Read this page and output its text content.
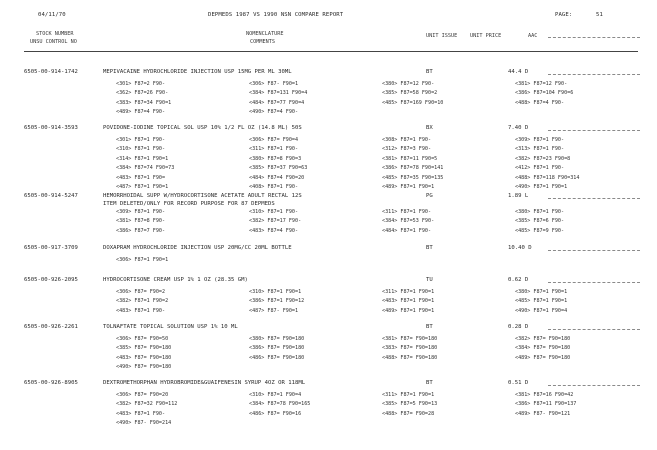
04/11/70	DEPMEDS 1987 VS 1990 NSN COMPARE REPORT	PAGE:	51
STOCK NUMBER
UNSU CONTROL NO
NOMENCLATURE
COMMENTS
UNIT ISSUE UNIT PRICE	AAC
6505-00-914-1742	MEPIVACAINE HYDROCHLORIDE INJECTION USP 15MG PER ML 30ML	BT	44.4 D
<301> F87=2 F90-	<306> F87- F90=1	<380> F87=12 F90-	<381> F87=12 F90-
<362> F87=26 F90-	<384> F87=131 F90=4	<385> F87=58 F90=2	<386> F87=104 F90=6
<383> F87=34 F90=1	<484> F87=77 F90=4	<485> F87=169 F90=10	<488> F87=4 F90-
<489> F87=4 F90-	<490> F87=4 F90-
6505-00-914-3593	POVIDONE-IODINE TOPICAL SOL USP 10% 1/2 FL OZ (14.8 ML) 50S	BX	7.40 D
<301> F87=1 F90-	<306> F87= F90=4	<308> F87=1 F90-	<309> F87=1 F90-
<310> F87=1 F90-	<311> F87=1 F90-	<312> F87=3 F90-	<313> F87=1 F90-
<314> F87=1 F90=1	<380> F87=8 F90=3	<381> F87=11 F90=5	<382> F87=23 F90=8
<384> F87=74 F90=73	<385> F87=37 F90=63	<386> F87=78 F90=141	<412> F87=1 F90-
<483> F87=1 F90=	<484> F87=4 F90=20	<485> F87=35 F90=135	<488> F87=118 F90=314
<487> F87=1 F90=1	<408> F87=1 F90-	<489> F87=1 F90=1	<490> F87=1 F90=1
6505-00-914-5247	HEMORRHOIDAL SUPP W/HYDROCORTISONE ACETATE ADULT RECTAL 12S
ITEM DELETED/ONLY FOR RECORD PURPOSE FOR 87 DEPMEDS
PG	1.89 L
<309> F87=1 F90-	<310> F87=1 F90-	<311> F87=1 F90-	<380> F87=1 F90-
<381> F87=8 F90-	<382> F87=17 F90-	<384> F87=53 F90-	<385> F87=6 F90-
<386> F87=7 F90-	<483> F87=4 F90-	<484> F87=1 F90-	<485> F87=9 F90-
6505-00-917-3709	DOXAPRAM HYDROCHLORIDE INJECTION USP 20MG/CC 20ML BOTTLE	BT	10.40 D
<306> F87=1 F90=1
6505-00-926-2095	HYDROCORTISONE CREAM USP 1% 1 OZ (28.35 GM)	TU	0.62 D
<306> F87= F90=2	<310> F87=1 F90=1	<311> F87=1 F90=1	<380> F87=1 F90=1
<382> F87=1 F90=2	<386> F87=1 F90=12	<483> F87=1 F90=1	<485> F87=1 F90=1
<483> F87=1 F90-	<487> F87- F90=1	<489> F87=1 F90=1	<490> F87=1 F90=4
6505-00-926-2261	TOLNAFTATE TOPICAL SOLUTION USP 1% 10 ML	BT	0.28 D
<306> F87= F90=50	<380> F87= F90=180	<381> F87= F90=180	<382> F87= F90=180
<385> F87= F90=180	<386> F87= F90=180	<383> F87= F90=180	<384> F87= F90=180
<483> F87= F90=180	<486> F87= F90=180	<488> F87= F90=180	<489> F87= F90=180
<490> F87= F90=180
6505-00-926-8905	DEXTROMETHORPHAN HYDROBROMIDE&GUAIFENESIN SYRUP 4OZ OR 118ML	BT	0.51 D
<306> F87= F90=20	<310> F87=1 F90=4	<311> F87=1 F90=1	<381> F87=16 F90=42
<382> F87=32 F90=112	<384> F87=78 F90=165	<385> F87=5 F90=13	<386> F87=11 F90=137
<483> F87=1 F90-	<486> F87= F90=16	<488> F87= F90=28	<489> F87- F90=121
<490> F87- F90=214
